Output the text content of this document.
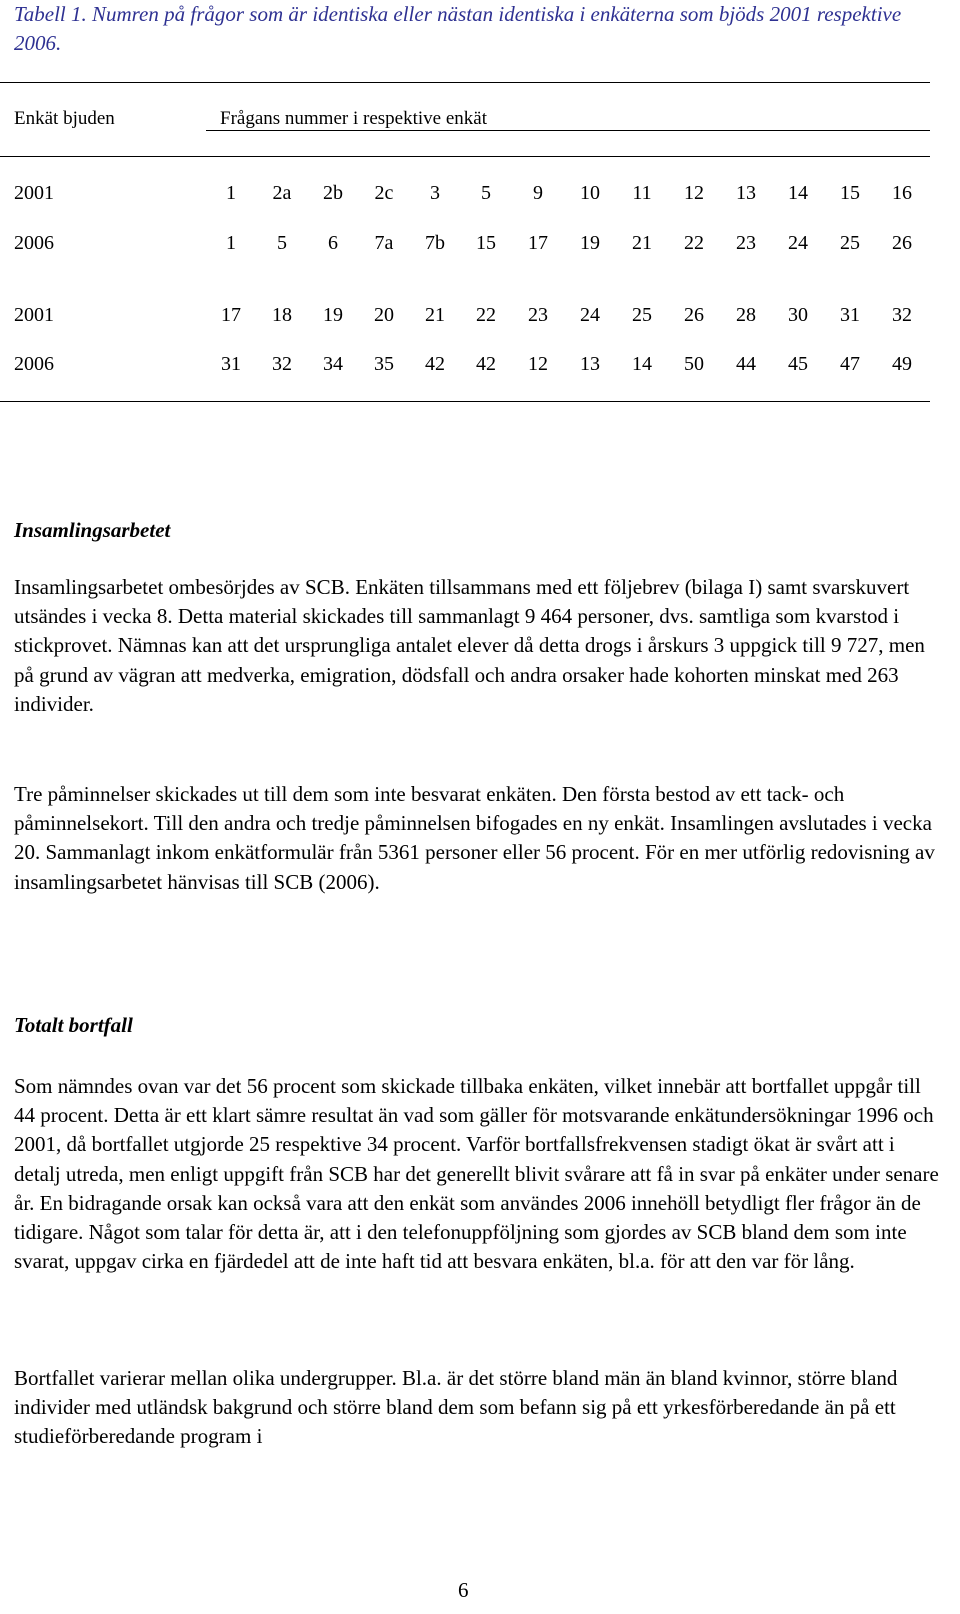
Tabell 1. Numren på frågor som är identiska eller nästan identiska i enkäterna som bjöds 2001 respektive 2006.
Enkät bjuden	Frågans nummer i respektive enkät
2001	1	2a	2b	2c	3	5	9	10	11	12	13	14	15	16
2006	1	5	6	7a	7b	15	17	19	21	22	23	24	25	26
2001	17	18	19	20	21	22	23	24	25	26	28	30	31	32
2006	31	32	34	35	42	42	12	13	14	50	44	45	47	49
Insamlingsarbetet

Insamlingsarbetet ombesörjdes av SCB. Enkäten tillsammans med ett följebrev (bilaga I) samt svarskuvert utsändes i vecka 8. Detta material skickades till sammanlagt 9 464 personer, dvs. samtliga som kvarstod i stickprovet. Nämnas kan att det ursprungliga antalet elever då detta drogs i årskurs 3 uppgick till 9 727, men på grund av vägran att medverka, emigration, dödsfall och andra orsaker hade kohorten minskat med 263 individer.

Tre påminnelser skickades ut till dem som inte besvarat enkäten. Den första bestod av ett tack- och påminnelsekort. Till den andra och tredje påminnelsen bifogades en ny enkät. Insamlingen avslutades i vecka 20. Sammanlagt inkom enkätformulär från 5361 personer eller 56 procent. För en mer utförlig redovisning av insamlingsarbetet hänvisas till SCB (2006).

Totalt bortfall

Som nämndes ovan var det 56 procent som skickade tillbaka enkäten, vilket innebär att bortfallet uppgår till 44 procent. Detta är ett klart sämre resultat än vad som gäller för motsvarande enkätundersökningar 1996 och 2001, då bortfallet utgjorde 25 respektive 34 procent. Varför bortfallsfrekvensen stadigt ökat är svårt att i detalj utreda, men enligt uppgift från SCB har det generellt blivit svårare att få in svar på enkäter under senare år. En bidragande orsak kan också vara att den enkät som användes 2006 innehöll betydligt fler frågor än de tidigare. Något som talar för detta är, att i den telefonuppföljning som gjordes av SCB bland dem som inte svarat, uppgav cirka en fjärdedel att de inte haft tid att besvara enkäten, bl.a. för att den var för lång.

Bortfallet varierar mellan olika undergrupper. Bl.a. är det större bland män än bland kvinnor, större bland individer med utländsk bakgrund och större bland dem som befann sig på ett yrkesförberedande än på ett studieförberedande program i

6
